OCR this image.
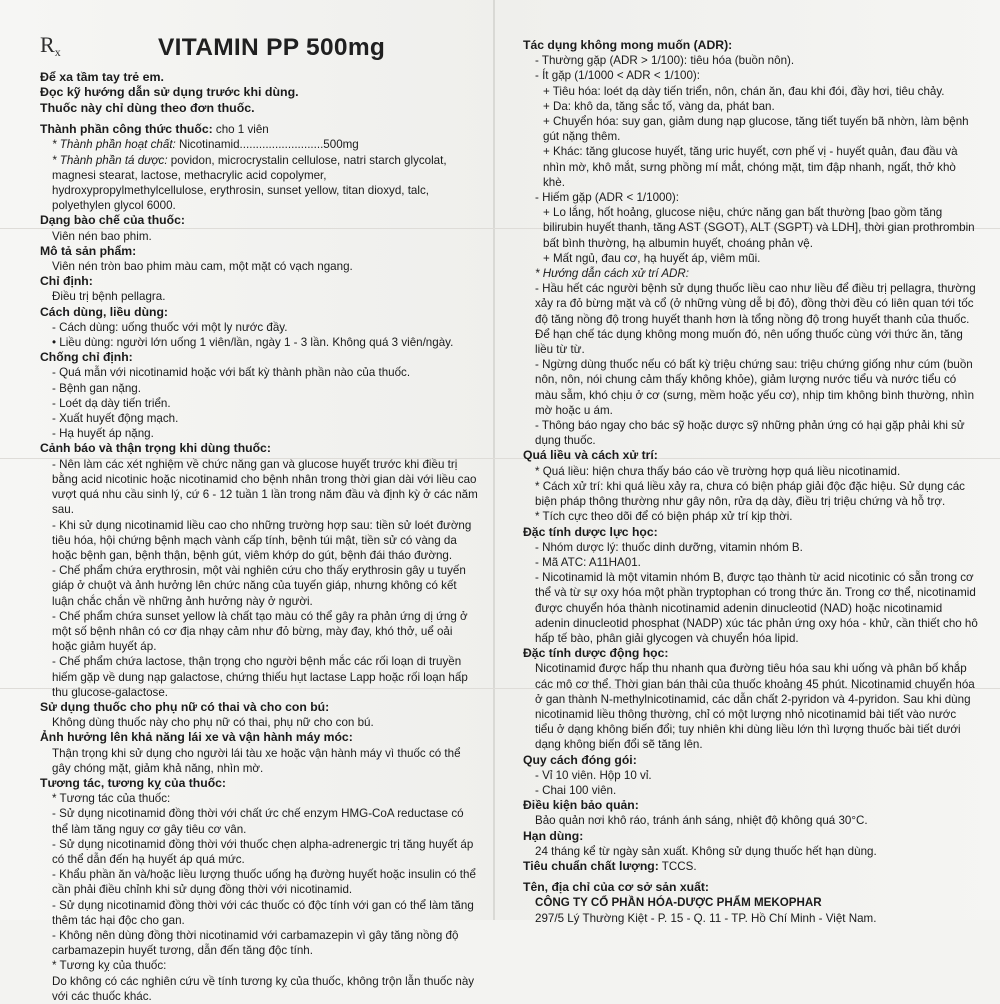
Rx	VITAMIN PP 500mg
Để xa tầm tay trẻ em.
Đọc kỹ hướng dẫn sử dụng trước khi dùng.
Thuốc này chỉ dùng theo đơn thuốc.
Thành phần công thức thuốc: cho 1 viên
* Thành phần hoạt chất: Nicotinamid..........................500mg
* Thành phần tá dược: povidon, microcrystalin cellulose, natri starch glycolat, magnesi stearat, lactose, methacrylic acid copolymer, hydroxypropylmethylcellulose, erythrosin, sunset yellow, titan dioxyd, talc, polyethylen glycol 6000.
Dạng bào chế của thuốc:
Viên nén bao phim.
Mô tả sản phẩm:
Viên nén tròn bao phim màu cam, một mặt có vạch ngang.
Chỉ định:
Điều trị bệnh pellagra.
Cách dùng, liều dùng:
- Cách dùng: uống thuốc với một ly nước đầy.
• Liều dùng: người lớn uống 1 viên/lần, ngày 1 - 3 lần. Không quá 3 viên/ngày.
Chống chỉ định:
- Quá mẫn với nicotinamid hoặc với bất kỳ thành phần nào của thuốc.
- Bệnh gan nặng.
- Loét dạ dày tiến triển.
- Xuất huyết động mạch.
- Hạ huyết áp nặng.
Cảnh báo và thận trọng khi dùng thuốc:
- Nên làm các xét nghiệm về chức năng gan và glucose huyết trước khi điều trị bằng acid nicotinic hoặc nicotinamid cho bệnh nhân trong thời gian dài với liều cao vượt quá nhu cầu sinh lý, cứ 6 - 12 tuần 1 lần trong năm đầu và định kỳ ở các năm sau.
- Khi sử dụng nicotinamid liều cao cho những trường hợp sau: tiền sử loét đường tiêu hóa, hội chứng bệnh mạch vành cấp tính, bệnh túi mật, tiền sử có vàng da hoặc bệnh gan, bệnh thận, bệnh gút, viêm khớp do gút, bệnh đái tháo đường.
- Chế phẩm chứa erythrosin, một vài nghiên cứu cho thấy erythrosin gây u tuyến giáp ở chuột và ảnh hưởng lên chức năng của tuyến giáp, nhưng không có kết luận chắc chắn về những ảnh hưởng này ở người.
- Chế phẩm chứa sunset yellow là chất tạo màu có thể gây ra phản ứng dị ứng ở một số bệnh nhân có cơ địa nhạy cảm như đỏ bừng, mày đay, khó thở, uể oải hoặc giảm huyết áp.
- Chế phẩm chứa lactose, thận trọng cho người bệnh mắc các rối loạn di truyền hiếm gặp về dung nạp galactose, chứng thiếu hụt lactase Lapp hoặc rối loạn hấp thu glucose-galactose.
Sử dụng thuốc cho phụ nữ có thai và cho con bú:
Không dùng thuốc này cho phụ nữ có thai, phụ nữ cho con bú.
Ảnh hưởng lên khả năng lái xe và vận hành máy móc:
Thận trọng khi sử dụng cho người lái tàu xe hoặc vận hành máy vì thuốc có thể gây chóng mặt, giảm khả năng, nhìn mờ.
Tương tác, tương kỵ của thuốc:
* Tương tác của thuốc:
- Sử dụng nicotinamid đồng thời với chất ức chế enzym HMG-CoA reductase có thể làm tăng nguy cơ gây tiêu cơ vân.
- Sử dụng nicotinamid đồng thời với thuốc chẹn alpha-adrenergic trị tăng huyết áp có thể dẫn đến hạ huyết áp quá mức.
- Khẩu phần ăn và/hoặc liều lượng thuốc uống hạ đường huyết hoặc insulin có thể cần phải điều chỉnh khi sử dụng đồng thời với nicotinamid.
- Sử dụng nicotinamid đồng thời với các thuốc có độc tính với gan có thể làm tăng thêm tác hại độc cho gan.
- Không nên dùng đồng thời nicotinamid với carbamazepin vì gây tăng nồng độ carbamazepin huyết tương, dẫn đến tăng độc tính.
* Tương kỵ của thuốc:
Do không có các nghiên cứu về tính tương kỵ của thuốc, không trộn lẫn thuốc này với các thuốc khác.
Tác dụng không mong muốn (ADR):
- Thường gặp (ADR > 1/100): tiêu hóa (buồn nôn).
- Ít gặp (1/1000 < ADR < 1/100):
+ Tiêu hóa: loét dạ dày tiến triển, nôn, chán ăn, đau khi đói, đầy hơi, tiêu chảy.
+ Da: khô da, tăng sắc tố, vàng da, phát ban.
+ Chuyển hóa: suy gan, giảm dung nạp glucose, tăng tiết tuyến bã nhờn, làm bệnh gút nặng thêm.
+ Khác: tăng glucose huyết, tăng uric huyết, cơn phế vị - huyết quản, đau đầu và nhìn mờ, khô mắt, sưng phồng mí mắt, chóng mặt, tim đập nhanh, ngất, thở khò khè.
- Hiếm gặp (ADR < 1/1000):
+ Lo lắng, hốt hoảng, glucose niệu, chức năng gan bất thường [bao gồm tăng bilirubin huyết thanh, tăng AST (SGOT), ALT (SGPT) và LDH], thời gian prothrombin bất bình thường, hạ albumin huyết, choáng phản vệ.
+ Mất ngủ, đau cơ, hạ huyết áp, viêm mũi.
* Hướng dẫn cách xử trí ADR:
- Hầu hết các người bệnh sử dụng thuốc liều cao như liều để điều trị pellagra, thường xảy ra đỏ bừng mặt và cổ (ở những vùng dễ bị đỏ), đồng thời đều có liên quan tới tốc độ tăng nồng độ trong huyết thanh hơn là tổng nồng độ trong huyết thanh của thuốc. Để hạn chế tác dụng không mong muốn đó, nên uống thuốc cùng với thức ăn, tăng liều từ từ.
- Ngừng dùng thuốc nếu có bất kỳ triệu chứng sau: triệu chứng giống như cúm (buồn nôn, nôn, nói chung cảm thấy không khỏe), giảm lượng nước tiểu và nước tiểu có màu sẫm, khó chịu ở cơ (sưng, mềm hoặc yếu cơ), nhịp tim không bình thường, nhìn mờ hoặc u ám.
- Thông báo ngay cho bác sỹ hoặc dược sỹ những phản ứng có hại gặp phải khi sử dụng thuốc.
Quá liều và cách xử trí:
* Quá liều: hiện chưa thấy báo cáo về trường hợp quá liều nicotinamid.
* Cách xử trí: khi quá liều xảy ra, chưa có biện pháp giải độc đặc hiệu. Sử dụng các biện pháp thông thường như gây nôn, rửa dạ dày, điều trị triệu chứng và hỗ trợ.
* Tích cực theo dõi để có biện pháp xử trí kịp thời.
Đặc tính dược lực học:
- Nhóm dược lý: thuốc dinh dưỡng, vitamin nhóm B.
- Mã ATC: A11HA01.
- Nicotinamid là một vitamin nhóm B, được tạo thành từ acid nicotinic có sẵn trong cơ thể và từ sự oxy hóa một phần tryptophan có trong thức ăn. Trong cơ thể, nicotinamid được chuyển hóa thành nicotinamid adenin dinucleotid (NAD) hoặc nicotinamid adenin dinucleotid phosphat (NADP) xúc tác phản ứng oxy hóa - khử, cần thiết cho hô hấp tế bào, phân giải glycogen và chuyển hóa lipid.
Đặc tính dược động học:
Nicotinamid được hấp thu nhanh qua đường tiêu hóa sau khi uống và phân bố khắp các mô cơ thể. Thời gian bán thải của thuốc khoảng 45 phút. Nicotinamid chuyển hóa ở gan thành N-methylnicotinamid, các dẫn chất 2-pyridon và 4-pyridon. Sau khi dùng nicotinamid liều thông thường, chỉ có một lượng nhỏ nicotinamid bài tiết vào nước tiểu ở dạng không biến đổi; tuy nhiên khi dùng liều lớn thì lượng thuốc bài tiết dưới dạng không biến đổi sẽ tăng lên.
Quy cách đóng gói:
- Vỉ 10 viên. Hộp 10 vỉ.
- Chai 100 viên.
Điều kiện bảo quản:
Bảo quản nơi khô ráo, tránh ánh sáng, nhiệt độ không quá 30°C.
Hạn dùng:
24 tháng kể từ ngày sản xuất. Không sử dụng thuốc hết hạn dùng.
Tiêu chuẩn chất lượng: TCCS.
Tên, địa chỉ của cơ sở sản xuất:
CÔNG TY CỔ PHẦN HÓA-DƯỢC PHẨM MEKOPHAR
297/5 Lý Thường Kiệt - P. 15 - Q. 11 - TP. Hồ Chí Minh - Việt Nam.
